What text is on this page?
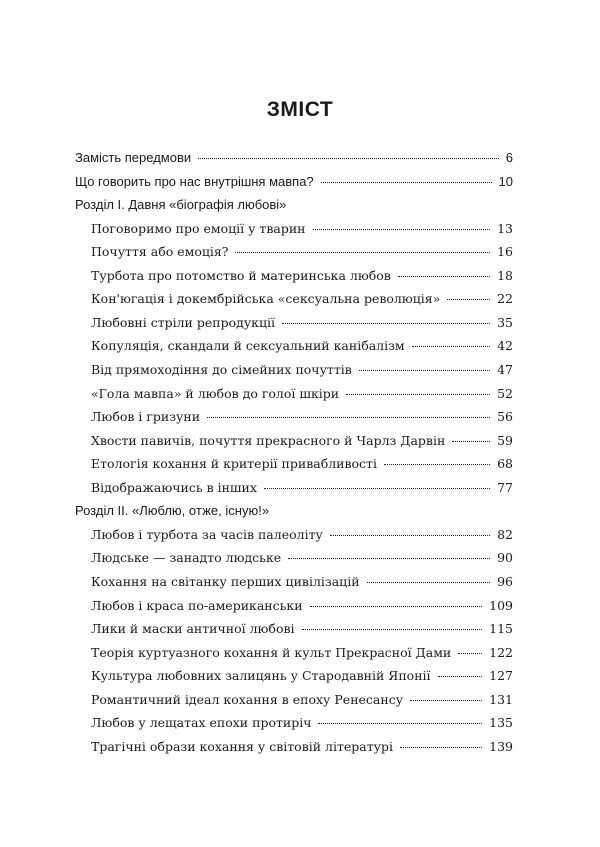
ЗМІСТ
Замість передмови	6
Що говорить про нас внутрішня мавпа?	10
Розділ І. Давня «біографія любові»
Поговоримо про емоції у тварин	13
Почуття або емоція?	16
Турбота про потомство й материнська любов	18
Кон'югація і докембрійська «сексуальна революція»	22
Любовні стріли репродукції	35
Копуляція, скандали й сексуальний канібалізм	42
Від прямоходіння до сімейних почуттів	47
«Гола мавпа» й любов до голої шкіри	52
Любов і гризуни	56
Хвости павичів, почуття прекрасного й Чарлз Дарвін	59
Етологія кохання й критерії привабливості	68
Відображаючись в інших	77
Розділ ІІ. «Люблю, отже, існую!»
Любов і турбота за часів палеоліту	82
Людське — занадто людське	90
Кохання на світанку перших цивілізацій	96
Любов і краса по-американськи	109
Лики й маски античної любові	115
Теорія куртуазного кохання й культ Прекрасної Дами	122
Культура любовних залицянь у Стародавній Японії	127
Романтичний ідеал кохання в епоху Ренесансу	131
Любов у лещатах епохи протиріч	135
Трагічні образи кохання у світовій літературі	139
